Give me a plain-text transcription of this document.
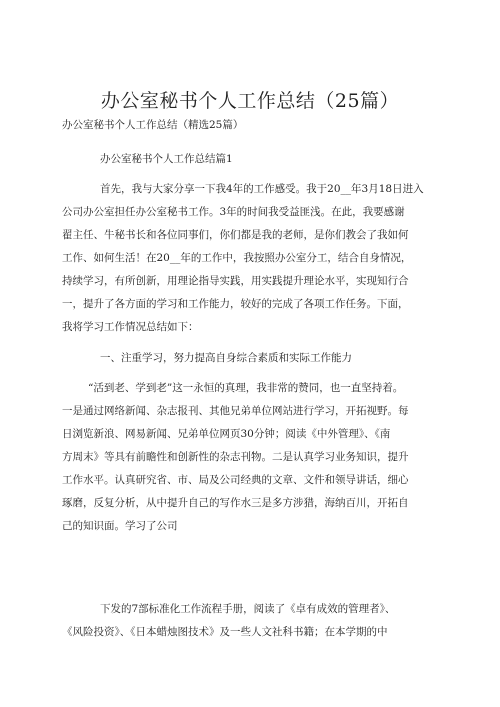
办公室秘书个人工作总结（25篇）
办公室秘书个人工作总结（精选25篇）
办公室秘书个人工作总结篇1
首先，我与大家分享一下我4年的工作感受。我于20__年3月18日进入
公司办公室担任办公室秘书工作。3年的时间我受益匪浅。在此，我要感谢
翟主任、牛秘书长和各位同事们，你们都是我的老师，是你们教会了我如何
工作、如何生活！在20__年的工作中，我按照办公室分工，结合自身情况，
持续学习，有所创新，用理论指导实践，用实践提升理论水平，实现知行合
一，提升了各方面的学习和工作能力，较好的完成了各项工作任务。下面，
我将学习工作情况总结如下：
一、注重学习，努力提高自身综合素质和实际工作能力
“活到老、学到老”这一永恒的真理，我非常的赞同，也一直坚持着。
一是通过网络新闻、杂志报刊、其他兄弟单位网站进行学习，开拓视野。每
日浏览新浪、网易新闻、兄弟单位网页30分钟；阅读《中外管理》、《南
方周末》等具有前瞻性和创新性的杂志刊物。二是认真学习业务知识，提升
工作水平。认真研究省、市、局及公司经典的文章、文件和领导讲话，细心
琢磨，反复分析，从中提升自己的写作水三是多方涉猎，海纳百川，开拓自
己的知识面。学习了公司
下发的7部标准化工作流程手册，阅读了《卓有成效的管理者》、
《风险投资》、《日本蜡烛图技术》及一些人文社科书籍；在本学期的中
